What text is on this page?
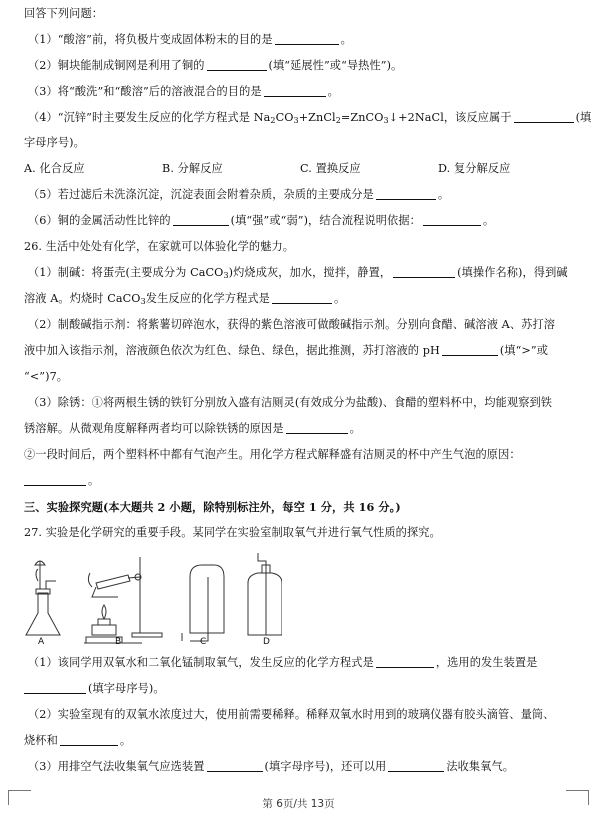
回答下列问题：
（1）“酸溶”前，将负极片变成固体粉末的目的是	。
（2）铜块能制成铜网是利用了铜的	(填“延展性”或“导热性”)。
（3）将“酸洗”和“酸溶”后的溶液混合的目的是	。
（4）“沉锌”时主要发生反应的化学方程式是 $Na_2CO_3+ZnCl_2=ZnCO_3↓+2NaCl$，该反应属于	(填
字母序号)。
A. 化合反应	B. 分解反应	C. 置换反应	D. 复分解反应
（5）若过滤后未洗涤沉淀，沉淀表面会附着杂质，杂质的主要成分是	。
（6）铜的金属活动性比锌的	(填“强”或“弱”)，结合流程说明依据：	。
26. 生活中处处有化学，在家就可以体验化学的魅力。
（1）制碱：将蛋壳(主要成分为 CaCO$_3$)灼烧成灰，加水，搅拌，静置，	(填操作名称)，得到碱
溶液 A。灼烧时 CaCO$_3$发生反应的化学方程式是	。
（2）制酸碱指示剂：将紫薯切碎泡水，获得的紫色溶液可做酸碱指示剂。分别向食醋、碱溶液 A、苏打溶
液中加入该指示剂，溶液颜色依次为红色、绿色、绿色，据此推测，苏打溶液的 pH	(填“>”或
“<”)7。
（3）除锈：①将两根生锈的铁钉分别放入盛有洁厕灵(有效成分为盐酸)、食醋的塑料杯中，均能观察到铁
锈溶解。从微观角度解释两者均可以除铁锈的原因是	。
②一段时间后，两个塑料杯中都有气泡产生。用化学方程式解释盛有洁厕灵的杯中产生气泡的原因：
。
三、实验探究题(本大题共 2 小题，除特别标注外，每空 1 分，共 16 分。)
27. 实验是化学研究的重要手段。某同学在实验室制取氧气并进行氧气性质的探究。
A	B	C	D
（1）该同学用双氧水和二氧化锰制取氧气，发生反应的化学方程式是	，选用的发生装置是
(填字母序号)。
（2）实验室现有的双氧水浓度过大，使用前需要稀释。稀释双氧水时用到的玻璃仪器有胶头滴管、量筒、
烧杯和	。
（3）用排空气法收集氧气应选装置	(填字母序号)，还可以用	法收集氧气。
第 6页/共 13页
